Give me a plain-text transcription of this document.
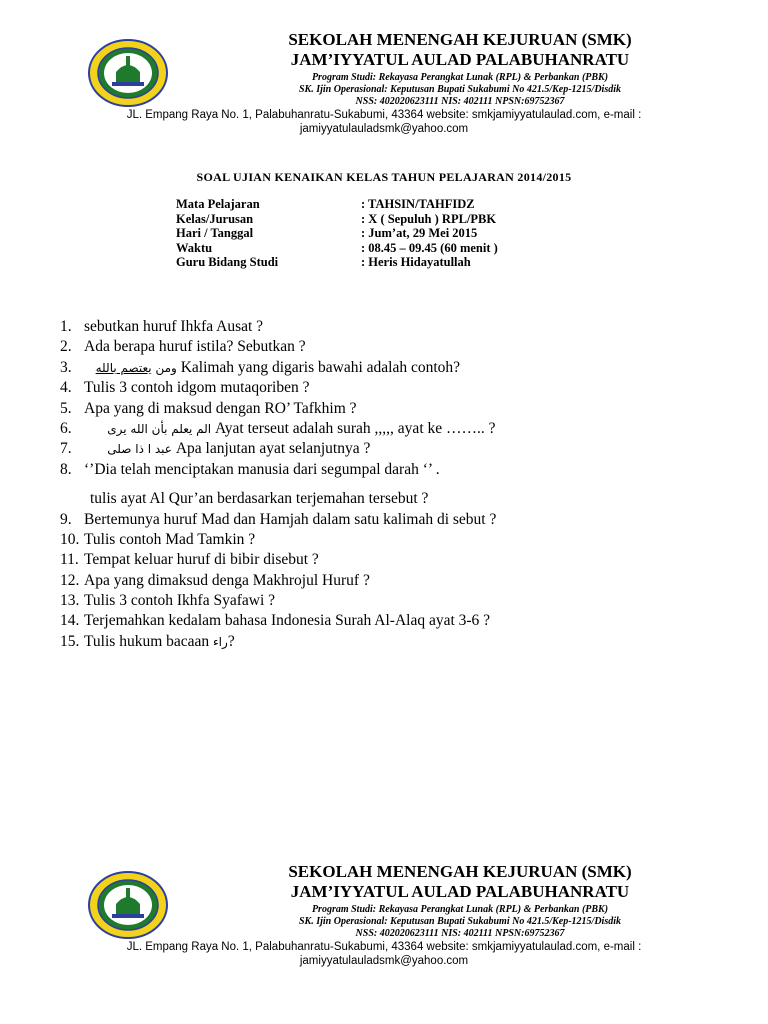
SEKOLAH MENENGAH KEJURUAN (SMK)
JAM’IYYATUL AULAD PALABUHANRATU
Program Studi: Rekayasa Perangkat Lunak (RPL) & Perbankan (PBK)
SK. Ijin Operasional: Keputusan Bupati Sukabumi No 421.5/Kep-1215/Disdik
NSS: 402020623111 NIS: 402111 NPSN:69752367
JL. Empang Raya No. 1, Palabuhanratu-Sukabumi, 43364 website: smkjamiyyatulaulad.com, e-mail :
jamiyyatulauladsmk@yahoo.com
SOAL UJIAN KENAIKAN KELAS TAHUN PELAJARAN 2014/2015
Mata Pelajaran	: TAHSIN/TAHFIDZ
Kelas/Jurusan	: X ( Sepuluh ) RPL/PBK
Hari / Tanggal	: Jum’at, 29 Mei 2015
Waktu	: 08.45 – 09.45 (60 menit )
Guru Bidang Studi	: Heris Hidayatullah
1. sebutkan huruf Ihkfa Ausat ?
2. Ada berapa huruf istila? Sebutkan ?
3.	ومن يعتصم بالله Kalimah yang digaris bawahi adalah contoh?
4. Tulis 3 contoh idgom mutaqoriben ?
5. Apa yang di maksud dengan RO’ Tafkhim ?
6.	الم يعلم بأن الله يرى Ayat terseut adalah surah ,,,,, ayat ke …….. ?
7.	عبد ا ذا صلى Apa lanjutan ayat selanjutnya ?
8. ‘’Dia telah menciptakan manusia dari segumpal darah ‘’ .
tulis ayat Al Qur’an berdasarkan terjemahan tersebut ?
9. Bertemunya huruf Mad dan Hamjah dalam satu kalimah di sebut ?
10. Tulis contoh Mad Tamkin ?
11. Tempat keluar huruf di bibir disebut ?
12. Apa yang dimaksud denga Makhrojul Huruf ?
13. Tulis 3 contoh Ikhfa Syafawi ?
14. Terjemahkan kedalam bahasa Indonesia Surah Al-Alaq ayat 3-6 ?
15. Tulis hukum bacaan راء?
SEKOLAH MENENGAH KEJURUAN (SMK)
JAM’IYYATUL AULAD PALABUHANRATU
Program Studi: Rekayasa Perangkat Lunak (RPL) & Perbankan (PBK)
SK. Ijin Operasional: Keputusan Bupati Sukabumi No 421.5/Kep-1215/Disdik
NSS: 402020623111 NIS: 402111 NPSN:69752367
JL. Empang Raya No. 1, Palabuhanratu-Sukabumi, 43364 website: smkjamiyyatulaulad.com, e-mail :
jamiyyatulauladsmk@yahoo.com
